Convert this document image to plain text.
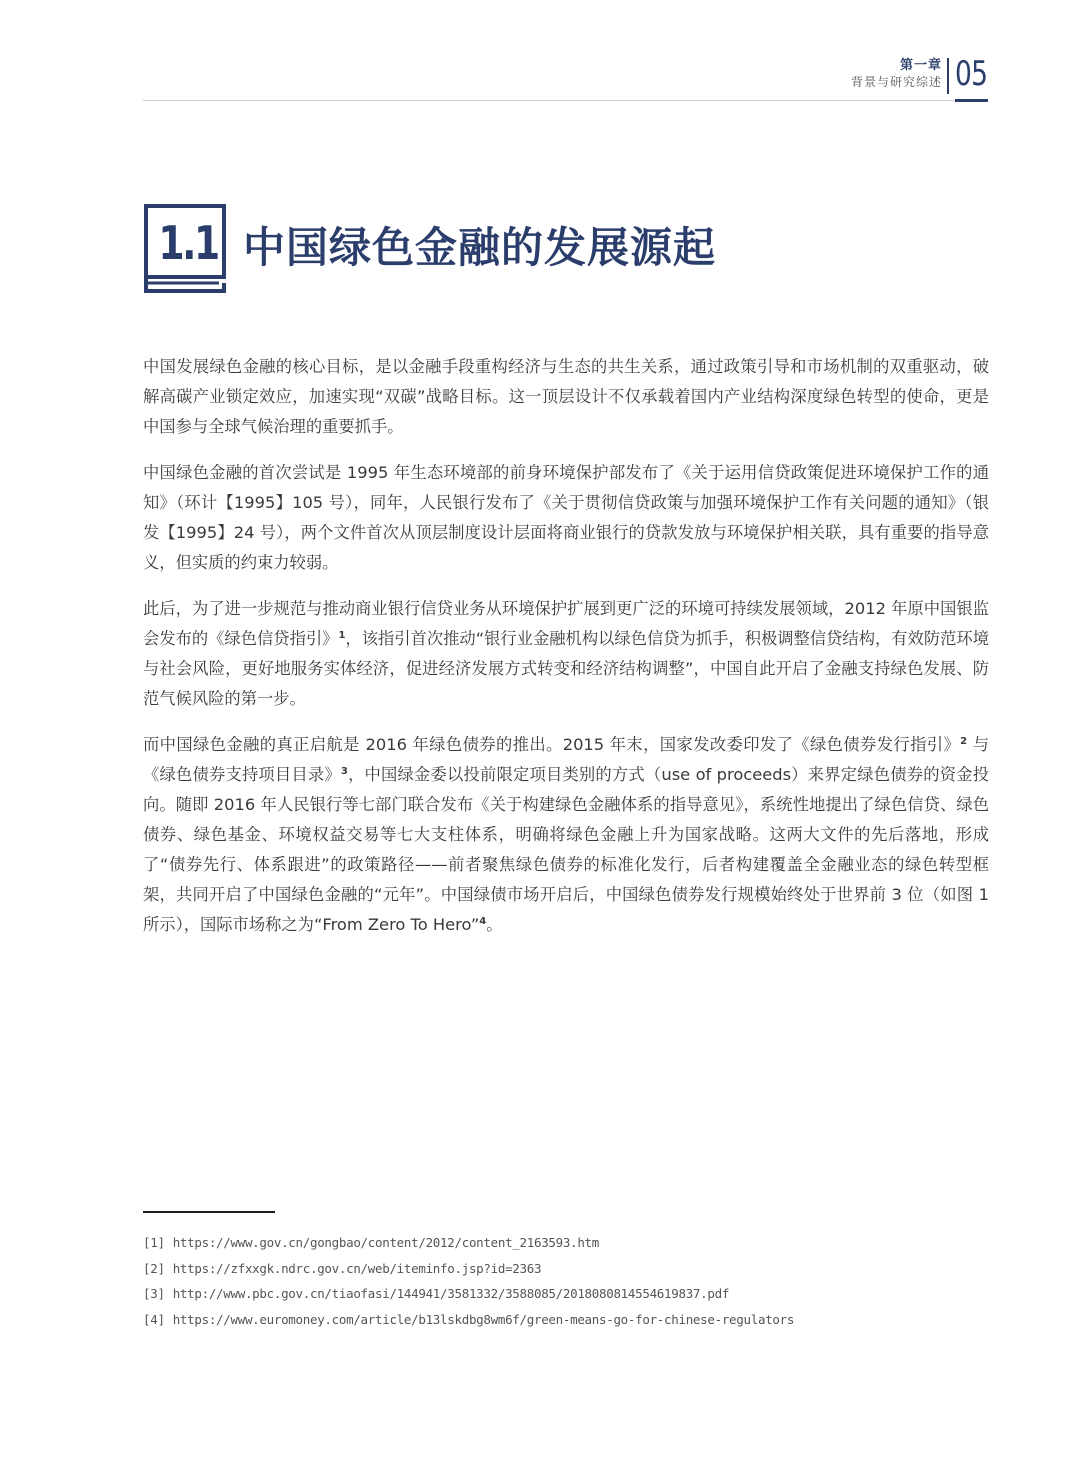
第一章
背景与研究综述 05
1.1 中国绿色金融的发展源起

中国发展绿色金融的核心目标，是以金融手段重构经济与生态的共生关系，通过政策引导和市场机制的双重驱动，破解高碳产业锁定效应，加速实现“双碳”战略目标。这一顶层设计不仅承载着国内产业结构深度绿色转型的使命，更是中国参与全球气候治理的重要抓手。

中国绿色金融的首次尝试是 1995 年生态环境部的前身环境保护部发布了《关于运用信贷政策促进环境保护工作的通知》（环计【1995】105 号），同年，人民银行发布了《关于贯彻信贷政策与加强环境保护工作有关问题的通知》（银发【1995】24 号），两个文件首次从顶层制度设计层面将商业银行的贷款发放与环境保护相关联，具有重要的指导意义，但实质的约束力较弱。

此后，为了进一步规范与推动商业银行信贷业务从环境保护扩展到更广泛的环境可持续发展领域，2012 年原中国银监会发布的《绿色信贷指引》$^1$，该指引首次推动“银行业金融机构以绿色信贷为抓手，积极调整信贷结构，有效防范环境与社会风险，更好地服务实体经济，促进经济发展方式转变和经济结构调整”，中国自此开启了金融支持绿色发展、防范气候风险的第一步。

而中国绿色金融的真正启航是 2016 年绿色债券的推出。2015 年末，国家发改委印发了《绿色债券发行指引》$^2$ 与《绿色债券支持项目目录》$^3$，中国绿金委以投前限定项目类别的方式（use of proceeds）来界定绿色债券的资金投向。随即 2016 年人民银行等七部门联合发布《关于构建绿色金融体系的指导意见》，系统性地提出了绿色信贷、绿色债券、绿色基金、环境权益交易等七大支柱体系，明确将绿色金融上升为国家战略。这两大文件的先后落地，形成了“债券先行、体系跟进”的政策路径——前者聚焦绿色债券的标准化发行，后者构建覆盖全金融业态的绿色转型框架，共同开启了中国绿色金融的“元年”。中国绿债市场开启后，中国绿色债券发行规模始终处于世界前 3 位（如图 1 所示），国际市场称之为“From Zero To Hero”$^4$。

[1] https://www.gov.cn/gongbao/content/2012/content_2163593.htm
[2] https://zfxxgk.ndrc.gov.cn/web/iteminfo.jsp?id=2363
[3] http://www.pbc.gov.cn/tiaofasi/144941/3581332/3588085/2018080814554619837.pdf
[4] https://www.euromoney.com/article/b13lskdbg8wm6f/green-means-go-for-chinese-regulators
